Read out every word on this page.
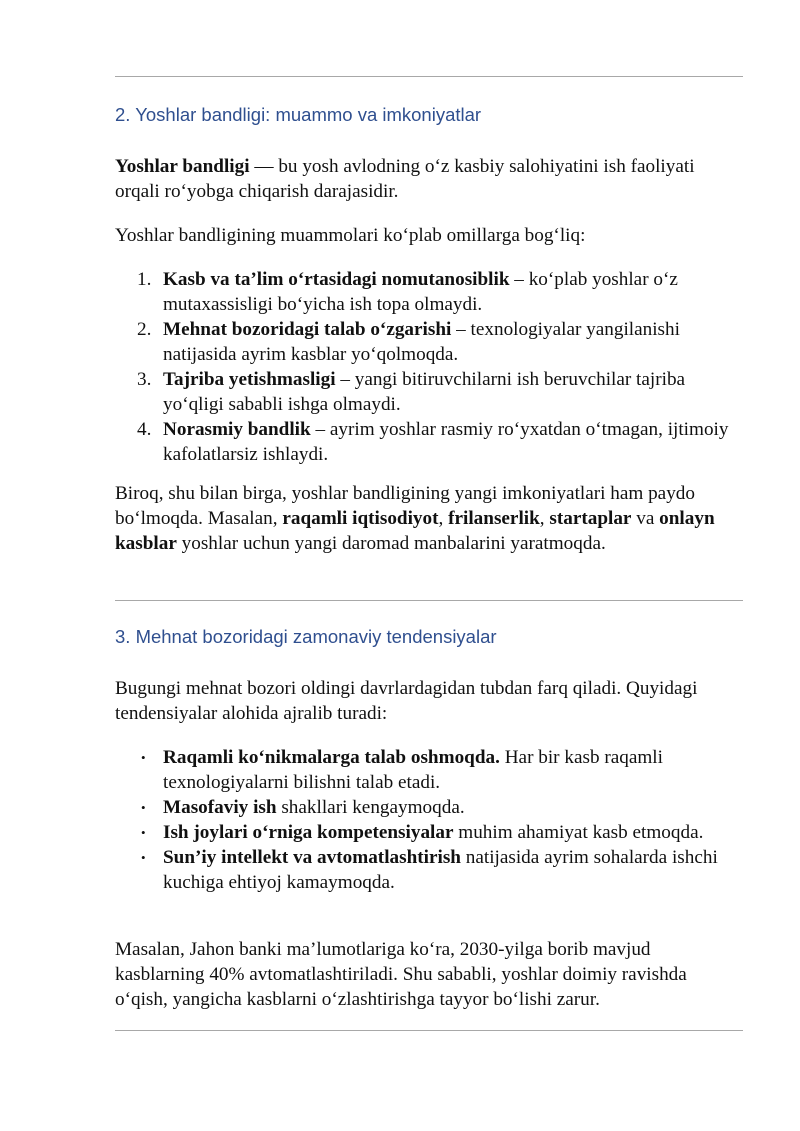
2. Yoshlar bandligi: muammo va imkoniyatlar

Yoshlar bandligi — bu yosh avlodning o‘z kasbiy salohiyatini ish faoliyati orqali ro‘yobga chiqarish darajasidir.

Yoshlar bandligining muammolari ko‘plab omillarga bog‘liq:

1. Kasb va ta’lim o‘rtasidagi nomutanosiblik – ko‘plab yoshlar o‘z mutaxassisligi bo‘yicha ish topa olmaydi.
2. Mehnat bozoridagi talab o‘zgarishi – texnologiyalar yangilanishi natijasida ayrim kasblar yo‘qolmoqda.
3. Tajriba yetishmasligi – yangi bitiruvchilarni ish beruvchilar tajriba yo‘qligi sababli ishga olmaydi.
4. Norasmiy bandlik – ayrim yoshlar rasmiy ro‘yxatdan o‘tmagan, ijtimoiy kafolatlarsiz ishlaydi.

Biroq, shu bilan birga, yoshlar bandligining yangi imkoniyatlari ham paydo bo‘lmoqda. Masalan, raqamli iqtisodiyot, frilanserlik, startaplar va onlayn kasblar yoshlar uchun yangi daromad manbalarini yaratmoqda.

3. Mehnat bozoridagi zamonaviy tendensiyalar

Bugungi mehnat bozori oldingi davrlardagidan tubdan farq qiladi. Quyidagi tendensiyalar alohida ajralib turadi:

• Raqamli ko‘nikmalarga talab oshmoqda. Har bir kasb raqamli texnologiyalarni bilishni talab etadi.
• Masofaviy ish shakllari kengaymoqda.
• Ish joylari o‘rniga kompetensiyalar muhim ahamiyat kasb etmoqda.
• Sun’iy intellekt va avtomatlashtirish natijasida ayrim sohalarda ishchi kuchiga ehtiyoj kamaymoqda.

Masalan, Jahon banki ma’lumotlariga ko‘ra, 2030-yilga borib mavjud kasblarning 40% avtomatlashtiriladi. Shu sababli, yoshlar doimiy ravishda o‘qish, yangicha kasblarni o‘zlashtirishga tayyor bo‘lishi zarur.
